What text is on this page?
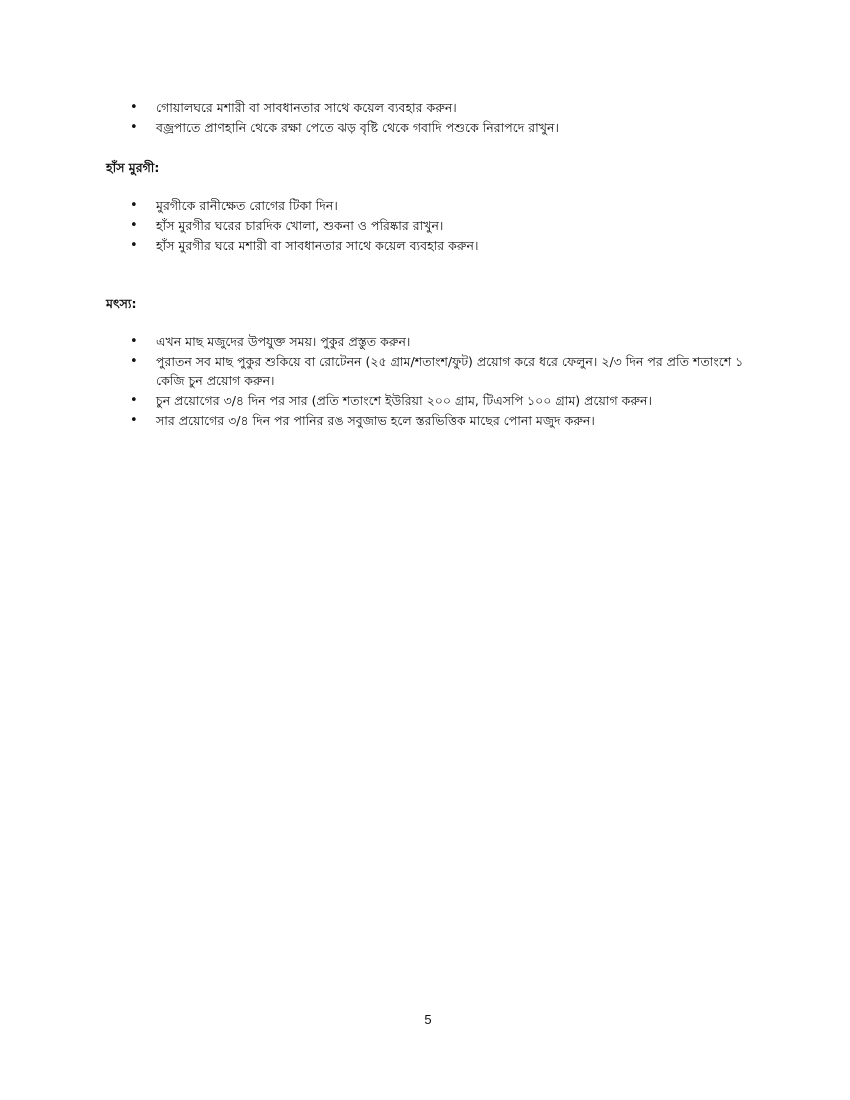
• গোয়ালঘরে মশারী বা সাবধানতার সাথে কয়েল ব্যবহার করুন।
• বজ্রপাতে প্রাণহানি থেকে রক্ষা পেতে ঝড় বৃষ্টি থেকে গবাদি পশুকে নিরাপদে রাখুন।
হাঁস মুরগী:
• মুরগীকে রানীক্ষেত রোগের টিকা দিন।
• হাঁস মুরগীর ঘরের চারদিক খোলা, শুকনা ও পরিষ্কার রাখুন।
• হাঁস মুরগীর ঘরে মশারী বা সাবধানতার সাথে কয়েল ব্যবহার করুন।
মৎস্য:
• এখন মাছ মজুদের উপযুক্ত সময়। পুকুর প্রস্তুত করুন।
• পুরাতন সব মাছ পুকুর শুকিয়ে বা রোটেনন (২৫ গ্রাম/শতাংশ/ফুট) প্রয়োগ করে ধরে ফেলুন। ২/৩ দিন পর প্রতি শতাংশে ১ কেজি চুন প্রয়োগ করুন।
• চুন প্রয়োগের ৩/৪ দিন পর সার (প্রতি শতাংশে ইউরিয়া ২০০ গ্রাম, টিএসপি ১০০ গ্রাম) প্রয়োগ করুন।
• সার প্রয়োগের ৩/৪ দিন পর পানির রঙ সবুজাভ হলে স্তরভিত্তিক মাছের পোনা মজুদ করুন।
5
